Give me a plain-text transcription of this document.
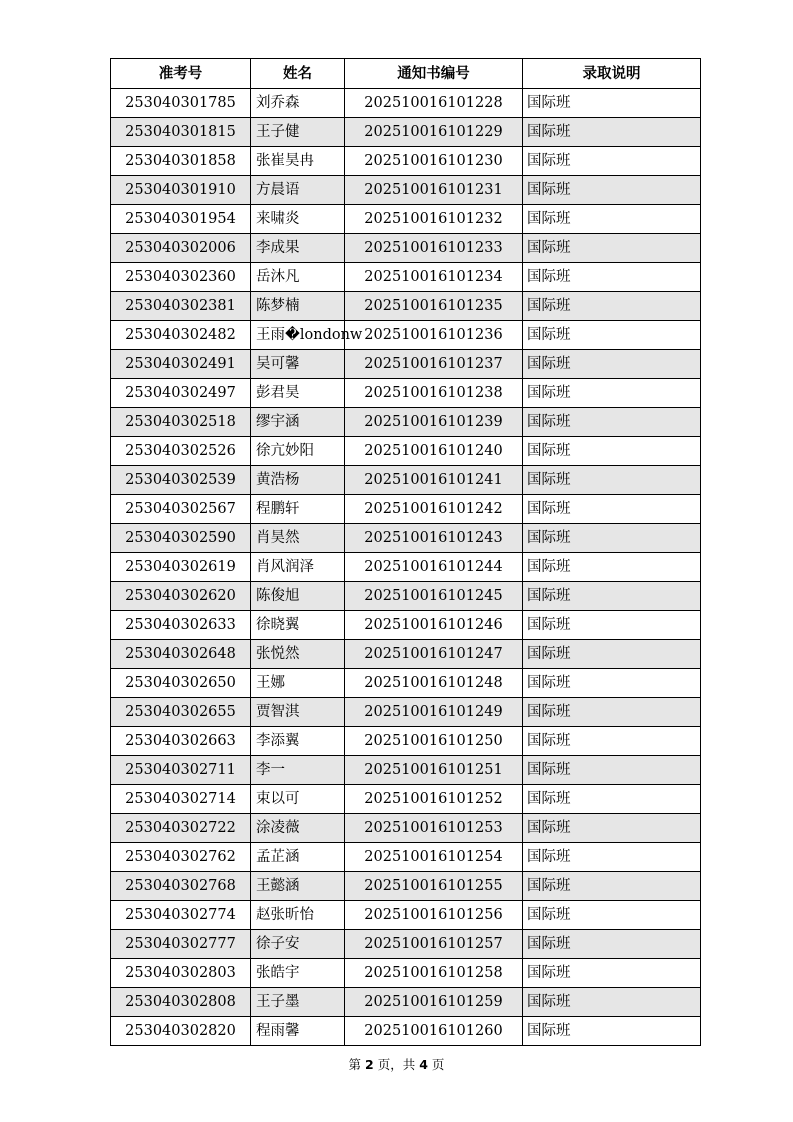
准考号	姓名	通知书编号	录取说明
253040301785	刘乔森	202510016101228	国际班
253040301815	王子健	202510016101229	国际班
253040301858	张崔昊冉	202510016101230	国际班
253040301910	方晨语	202510016101231	国际班
253040301954	来啸炎	202510016101232	国际班
253040302006	李成果	202510016101233	国际班
253040302360	岳沐凡	202510016101234	国际班
253040302381	陈梦楠	202510016101235	国际班
253040302482	王雨�londonw	202510016101236	国际班
253040302491	吴可馨	202510016101237	国际班
253040302497	彭君昊	202510016101238	国际班
253040302518	缪宇涵	202510016101239	国际班
253040302526	徐亢妙阳	202510016101240	国际班
253040302539	黄浩杨	202510016101241	国际班
253040302567	程鹏轩	202510016101242	国际班
253040302590	肖昊然	202510016101243	国际班
253040302619	肖风润泽	202510016101244	国际班
253040302620	陈俊旭	202510016101245	国际班
253040302633	徐晓翼	202510016101246	国际班
253040302648	张悦然	202510016101247	国际班
253040302650	王娜	202510016101248	国际班
253040302655	贾智淇	202510016101249	国际班
253040302663	李添翼	202510016101250	国际班
253040302711	李一	202510016101251	国际班
253040302714	束以可	202510016101252	国际班
253040302722	涂凌薇	202510016101253	国际班
253040302762	孟芷涵	202510016101254	国际班
253040302768	王懿涵	202510016101255	国际班
253040302774	赵张昕怡	202510016101256	国际班
253040302777	徐子安	202510016101257	国际班
253040302803	张皓宇	202510016101258	国际班
253040302808	王子墨	202510016101259	国际班
253040302820	程雨馨	202510016101260	国际班
第 2 页，共 4 页
